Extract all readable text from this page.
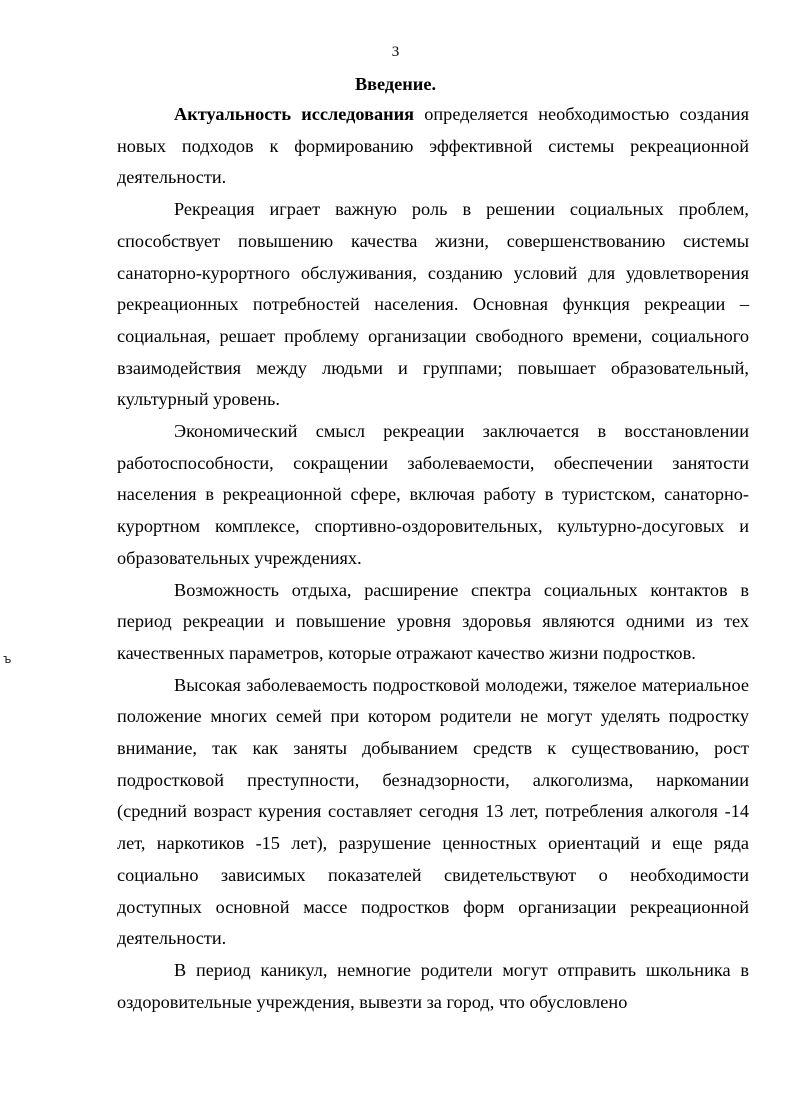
3
Введение.

Актуальность исследования определяется необходимостью создания новых подходов к формированию эффективной системы рекреационной деятельности.

Рекреация играет важную роль в решении социальных проблем, способствует повышению качества жизни, совершенствованию системы санаторно-курортного обслуживания, созданию условий для удовлетворения рекреационных потребностей населения. Основная функция рекреации – социальная, решает проблему организации свободного времени, социального взаимодействия между людьми и группами; повышает образовательный, культурный уровень.

Экономический смысл рекреации заключается в восстановлении работоспособности, сокращении заболеваемости, обеспечении занятости населения в рекреационной сфере, включая работу в туристском, санаторно-курортном комплексе, спортивно-оздоровительных, культурно-досуговых и образовательных учреждениях.

Возможность отдыха, расширение спектра социальных контактов в период рекреации и повышение уровня здоровья являются одними из тех качественных параметров, которые отражают качество жизни подростков.

Высокая заболеваемость подростковой молодежи, тяжелое материальное положение многих семей при котором родители не могут уделять подростку внимание, так как заняты добыванием средств к существованию, рост подростковой преступности, безнадзорности, алкоголизма, наркомании (средний возраст курения составляет сегодня 13 лет, потребления алкоголя -14 лет, наркотиков -15 лет), разрушение ценностных ориентаций и еще ряда социально зависимых показателей свидетельствуют о необходимости доступных основной массе подростков форм организации рекреационной деятельности.

В период каникул, немногие родители могут отправить школьника в оздоровительные учреждения, вывезти за город, что обусловлено

ъ
